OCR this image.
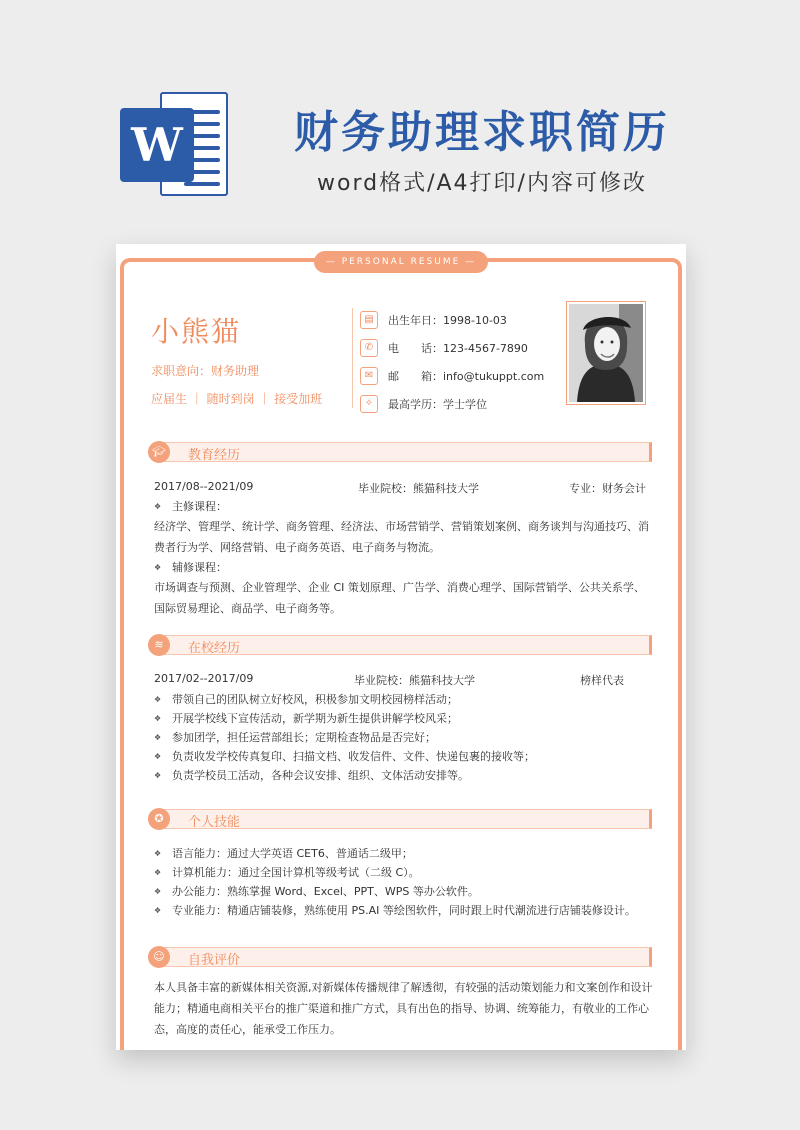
W	财务助理求职简历
word格式/A4打印/内容可修改
— PERSONAL RESUME —
小熊猫
求职意向：财务助理
应届生 ｜ 随时到岗 ｜ 接受加班
▤	出生年日：1998-10-03
✆	电　　话：123-4567-7890
✉	邮　　箱：info@tukuppt.com
✧	最高学历：学士学位
🎓︎	教育经历
2017/08--2021/09	毕业院校：熊猫科技大学	专业：财务会计
❖ 主修课程：
经济学、管理学、统计学、商务管理、经济法、市场营销学、营销策划案例、商务谈判与沟通技巧、消费者行为学、网络营销、电子商务英语、电子商务与物流。
❖ 辅修课程：
市场调查与预测、企业管理学、企业 CI 策划原理、广告学、消费心理学、国际营销学、公共关系学、国际贸易理论、商品学、电子商务等。
≋	在校经历
2017/02--2017/09	毕业院校：熊猫科技大学	榜样代表
❖ 带领自己的团队树立好校风，积极参加文明校园榜样活动；
❖ 开展学校线下宣传活动，新学期为新生提供讲解学校风采；
❖ 参加团学，担任运营部组长；定期检查物品是否完好；
❖ 负责收发学校传真复印、扫描文档、收发信件、文件、快递包裹的接收等；
❖ 负责学校员工活动，各种会议安排、组织、文体活动安排等。
✪	个人技能
❖ 语言能力：通过大学英语 CET6、普通话二级甲；
❖ 计算机能力：通过全国计算机等级考试（二级 C）。
❖ 办公能力：熟练掌握 Word、Excel、PPT、WPS 等办公软件。
❖ 专业能力：精通店铺装修，熟练使用 PS.AI 等绘图软件，同时跟上时代潮流进行店铺装修设计。
☺	自我评价
本人具备丰富的新媒体相关资源,对新媒体传播规律了解透彻，有较强的活动策划能力和文案创作和设计能力；精通电商相关平台的推广渠道和推广方式，具有出色的指导、协调、统筹能力，有敬业的工作心态，高度的责任心，能承受工作压力。
